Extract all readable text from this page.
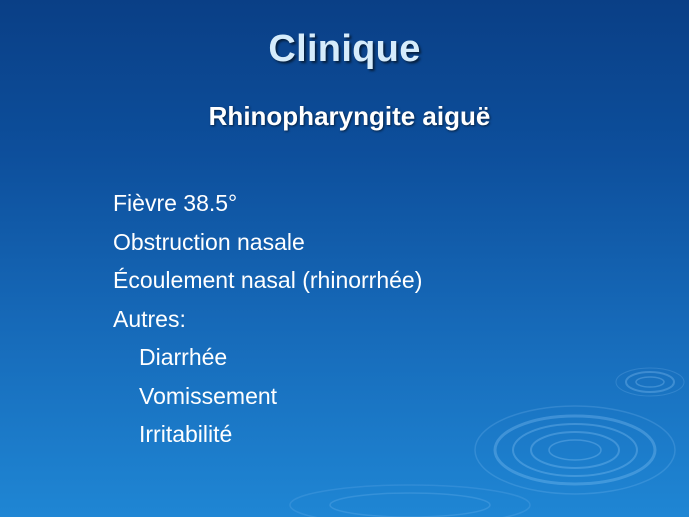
Clinique
Rhinopharyngite aiguë
Fièvre 38.5°
Obstruction nasale
Écoulement nasal (rhinorrhée)
Autres:
Diarrhée
Vomissement
Irritabilité
